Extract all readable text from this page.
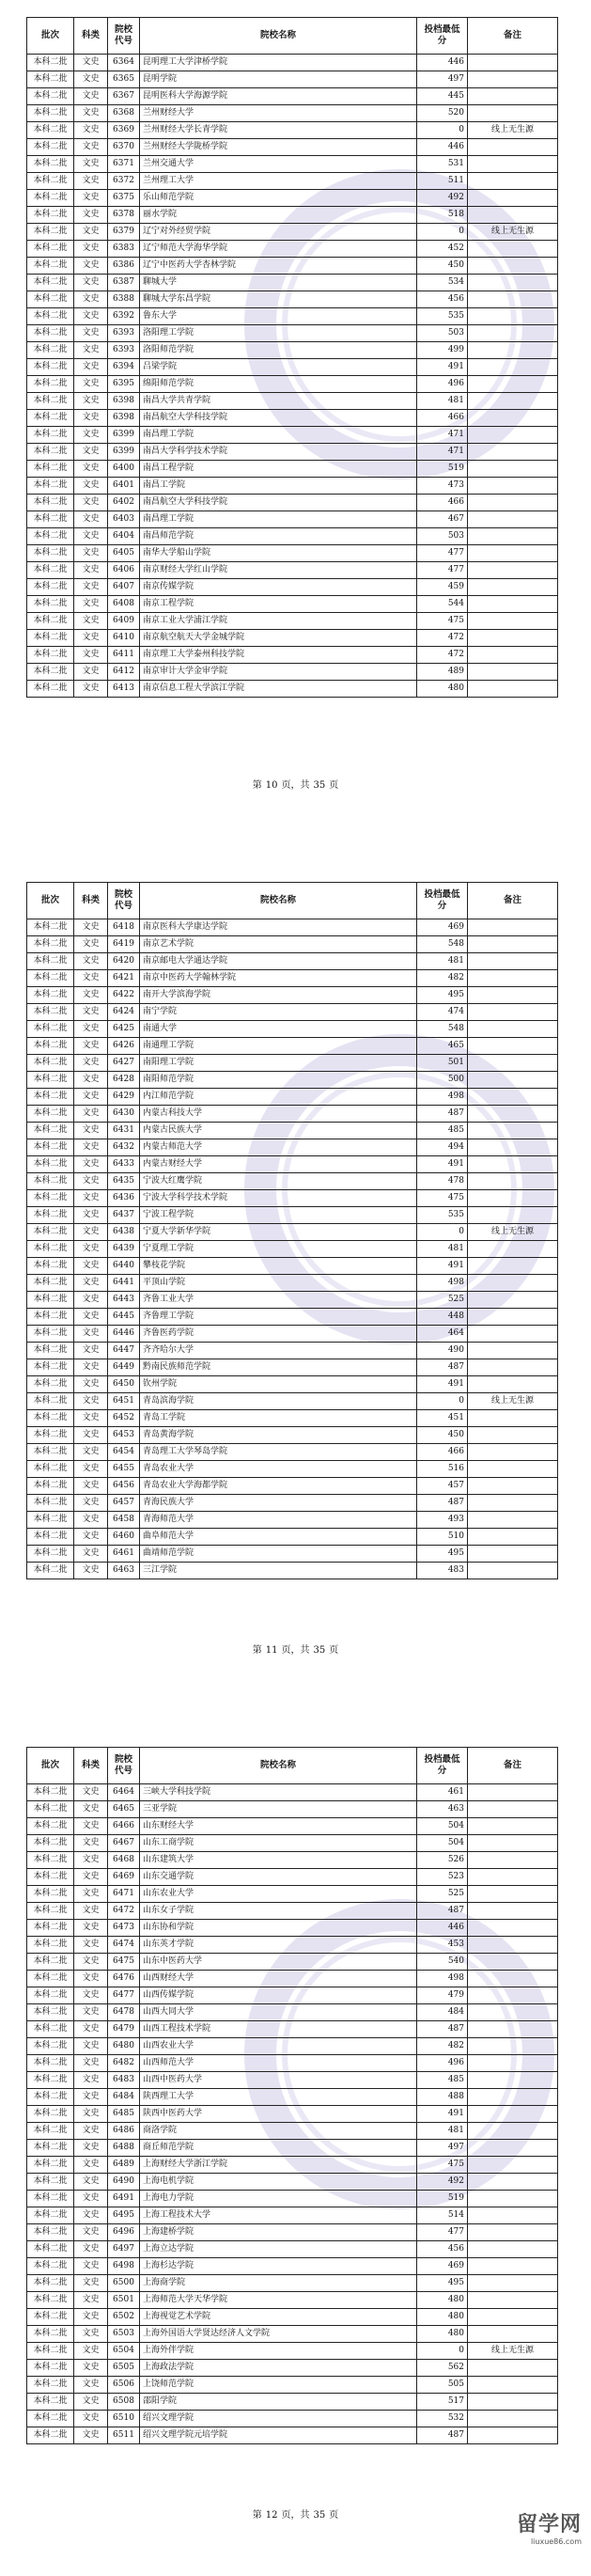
批次	科类	院校代号	院校名称	投档最低分	备注
本科二批	文史	6364	昆明理工大学津桥学院	446	
本科二批	文史	6365	昆明学院	497	
本科二批	文史	6367	昆明医科大学海源学院	445	
本科二批	文史	6368	兰州财经大学	520	
本科二批	文史	6369	兰州财经大学长青学院	0	线上无生源
本科二批	文史	6370	兰州财经大学陇桥学院	446	
本科二批	文史	6371	兰州交通大学	531	
本科二批	文史	6372	兰州理工大学	511	
本科二批	文史	6375	乐山师范学院	492	
本科二批	文史	6378	丽水学院	518	
本科二批	文史	6379	辽宁对外经贸学院	0	线上无生源
本科二批	文史	6383	辽宁师范大学海华学院	452	
本科二批	文史	6386	辽宁中医药大学杏林学院	450	
本科二批	文史	6387	聊城大学	534	
本科二批	文史	6388	聊城大学东昌学院	456	
本科二批	文史	6392	鲁东大学	535	
本科二批	文史	6393	洛阳理工学院	503	
本科二批	文史	6393	洛阳师范学院	499	
本科二批	文史	6394	吕梁学院	491	
本科二批	文史	6395	绵阳师范学院	496	
本科二批	文史	6398	南昌大学共青学院	481	
本科二批	文史	6398	南昌航空大学科技学院	466	
本科二批	文史	6399	南昌理工学院	471	
本科二批	文史	6399	南昌大学科学技术学院	471	
本科二批	文史	6400	南昌工程学院	519	
本科二批	文史	6401	南昌工学院	473	
本科二批	文史	6402	南昌航空大学科技学院	466	
本科二批	文史	6403	南昌理工学院	467	
本科二批	文史	6404	南昌师范学院	503	
本科二批	文史	6405	南华大学船山学院	477	
本科二批	文史	6406	南京财经大学红山学院	477	
本科二批	文史	6407	南京传媒学院	459	
本科二批	文史	6408	南京工程学院	544	
本科二批	文史	6409	南京工业大学浦江学院	475	
本科二批	文史	6410	南京航空航天大学金城学院	472	
本科二批	文史	6411	南京理工大学泰州科技学院	472	
本科二批	文史	6412	南京审计大学金审学院	489	
本科二批	文史	6413	南京信息工程大学滨江学院	480	
第 10 页，共 35 页
批次	科类	院校代号	院校名称	投档最低分	备注
本科二批	文史	6418	南京医科大学康达学院	469	
本科二批	文史	6419	南京艺术学院	548	
本科二批	文史	6420	南京邮电大学通达学院	481	
本科二批	文史	6421	南京中医药大学翰林学院	482	
本科二批	文史	6422	南开大学滨海学院	495	
本科二批	文史	6424	南宁学院	474	
本科二批	文史	6425	南通大学	548	
本科二批	文史	6426	南通理工学院	465	
本科二批	文史	6427	南阳理工学院	501	
本科二批	文史	6428	南阳师范学院	500	
本科二批	文史	6429	内江师范学院	498	
本科二批	文史	6430	内蒙古科技大学	487	
本科二批	文史	6431	内蒙古民族大学	485	
本科二批	文史	6432	内蒙古师范大学	494	
本科二批	文史	6433	内蒙古财经大学	491	
本科二批	文史	6435	宁波大红鹰学院	478	
本科二批	文史	6436	宁波大学科学技术学院	475	
本科二批	文史	6437	宁波工程学院	535	
本科二批	文史	6438	宁夏大学新华学院	0	线上无生源
本科二批	文史	6439	宁夏理工学院	481	
本科二批	文史	6440	攀枝花学院	491	
本科二批	文史	6441	平顶山学院	498	
本科二批	文史	6443	齐鲁工业大学	525	
本科二批	文史	6445	齐鲁理工学院	448	
本科二批	文史	6446	齐鲁医药学院	464	
本科二批	文史	6447	齐齐哈尔大学	490	
本科二批	文史	6449	黔南民族师范学院	487	
本科二批	文史	6450	钦州学院	491	
本科二批	文史	6451	青岛滨海学院	0	线上无生源
本科二批	文史	6452	青岛工学院	451	
本科二批	文史	6453	青岛黄海学院	450	
本科二批	文史	6454	青岛理工大学琴岛学院	466	
本科二批	文史	6455	青岛农业大学	516	
本科二批	文史	6456	青岛农业大学海都学院	457	
本科二批	文史	6457	青海民族大学	487	
本科二批	文史	6458	青海师范大学	493	
本科二批	文史	6460	曲阜师范大学	510	
本科二批	文史	6461	曲靖师范学院	495	
本科二批	文史	6463	三江学院	483	
第 11 页，共 35 页
批次	科类	院校代号	院校名称	投档最低分	备注
本科二批	文史	6464	三峡大学科技学院	461	
本科二批	文史	6465	三亚学院	463	
本科二批	文史	6466	山东财经大学	504	
本科二批	文史	6467	山东工商学院	504	
本科二批	文史	6468	山东建筑大学	526	
本科二批	文史	6469	山东交通学院	523	
本科二批	文史	6471	山东农业大学	525	
本科二批	文史	6472	山东女子学院	487	
本科二批	文史	6473	山东协和学院	446	
本科二批	文史	6474	山东英才学院	453	
本科二批	文史	6475	山东中医药大学	540	
本科二批	文史	6476	山西财经大学	498	
本科二批	文史	6477	山西传媒学院	479	
本科二批	文史	6478	山西大同大学	484	
本科二批	文史	6479	山西工程技术学院	487	
本科二批	文史	6480	山西农业大学	482	
本科二批	文史	6482	山西师范大学	496	
本科二批	文史	6483	山西中医药大学	485	
本科二批	文史	6484	陕西理工大学	488	
本科二批	文史	6485	陕西中医药大学	491	
本科二批	文史	6486	商洛学院	481	
本科二批	文史	6488	商丘师范学院	497	
本科二批	文史	6489	上海财经大学浙江学院	475	
本科二批	文史	6490	上海电机学院	492	
本科二批	文史	6491	上海电力学院	519	
本科二批	文史	6495	上海工程技术大学	514	
本科二批	文史	6496	上海建桥学院	477	
本科二批	文史	6497	上海立达学院	456	
本科二批	文史	6498	上海杉达学院	469	
本科二批	文史	6500	上海商学院	495	
本科二批	文史	6501	上海师范大学天华学院	480	
本科二批	文史	6502	上海视觉艺术学院	480	
本科二批	文史	6503	上海外国语大学贤达经济人文学院	480	
本科二批	文史	6504	上海外伴学院	0	线上无生源
本科二批	文史	6505	上海政法学院	562	
本科二批	文史	6506	上饶师范学院	505	
本科二批	文史	6508	邵阳学院	517	
本科二批	文史	6510	绍兴文理学院	532	
本科二批	文史	6511	绍兴文理学院元培学院	487	
第 12 页，共 35 页	留学网
liuxue86.com
